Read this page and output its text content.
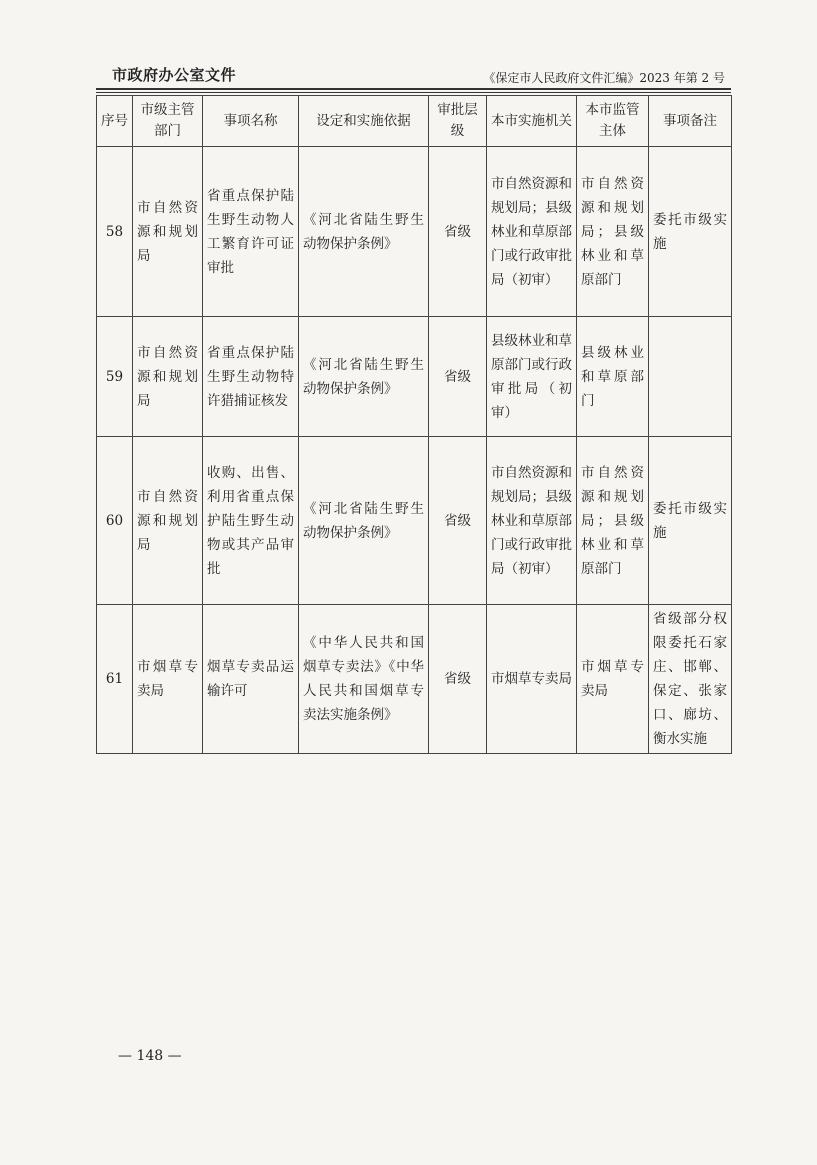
市政府办公室文件	《保定市人民政府文件汇编》2023 年第 2 号
序号	市级主管部门	事项名称	设定和实施依据	审批层级	本市实施机关	本市监管主体	事项备注
58	市自然资源和规划局	省重点保护陆生野生动物人工繁育许可证审批	《河北省陆生野生动物保护条例》	省级	市自然资源和规划局；县级林业和草原部门或行政审批局（初审）	市自然资源和规划局；县级林业和草原部门	委托市级实施
59	市自然资源和规划局	省重点保护陆生野生动物特许猎捕证核发	《河北省陆生野生动物保护条例》	省级	县级林业和草原部门或行政审批局（初审）	县级林业和草原部门	
60	市自然资源和规划局	收购、出售、利用省重点保护陆生野生动物或其产品审批	《河北省陆生野生动物保护条例》	省级	市自然资源和规划局；县级林业和草原部门或行政审批局（初审）	市自然资源和规划局；县级林业和草原部门	委托市级实施
61	市烟草专卖局	烟草专卖品运输许可	《中华人民共和国烟草专卖法》《中华人民共和国烟草专卖法实施条例》	省级	市烟草专卖局	市烟草专卖局	省级部分权限委托石家庄、邯郸、保定、张家口、廊坊、衡水实施
— 148 —
